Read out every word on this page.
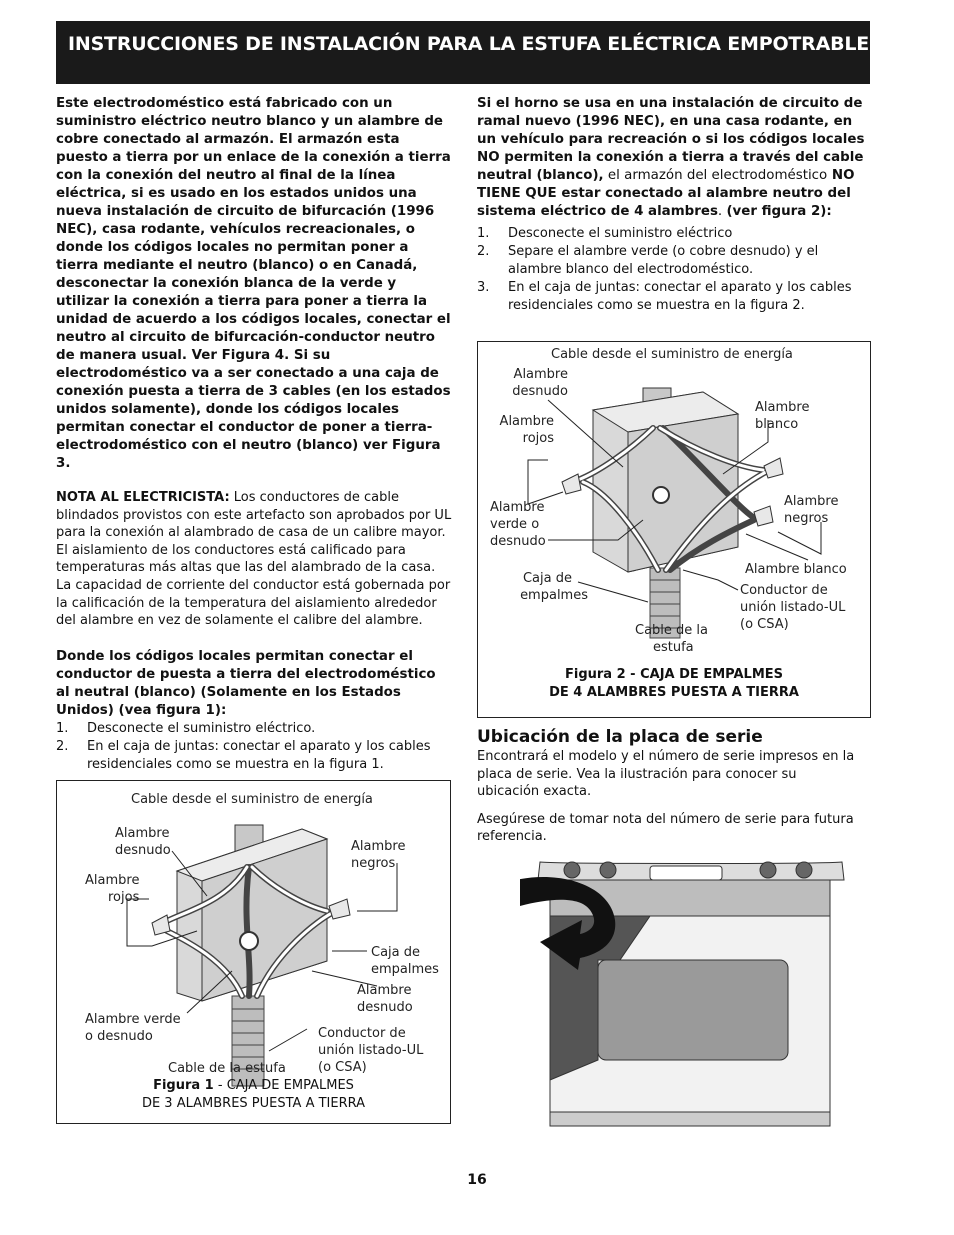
INSTRUCCIONES DE INSTALACIÓN PARA LA ESTUFA ELÉCTRICA EMPOTRABLE DE 30"

Este electrodoméstico está fabricado con un suministro eléctrico neutro blanco y un alambre de cobre conectado al armazón. El armazón esta puesto a tierra por un enlace de la conexión a tierra con la conexión del neutro al final de la línea eléctrica, si es usado en los estados unidos una nueva instalación de circuito de bifurcación (1996 NEC), casa rodante, vehículos recreacionales, o donde los códigos locales no permitan poner a tierra mediante el neutro (blanco) o en Canadá, desconectar la conexión blanca de la verde y utilizar la conexión a tierra para poner a tierra la unidad de acuerdo a los códigos locales, conectar el neutro al circuito de bifurcación-conductor neutro de manera usual. Ver Figura 4. Si su electrodoméstico va a ser conectado a una caja de conexión puesta a tierra de 3 cables (en los estados unidos solamente), donde los códigos locales permitan conectar el conductor de poner a tierra-electrodoméstico con el neutro (blanco) ver Figura 3.

NOTA AL ELECTRICISTA: Los conductores de cable blindados provistos con este artefacto son aprobados por UL para la conexión al alambrado de casa de un calibre mayor. El aislamiento de los conductores está calificado para temperaturas más altas que las del alambrado de la casa. La capacidad de corriente del conductor está gobernada por la calificación de la temperatura del aislamiento alrededor del alambre en vez de solamente el calibre del alambre.

Donde los códigos locales permitan conectar el conductor de puesta a tierra del electrodoméstico al neutral (blanco) (Solamente en los Estados Unidos) (vea figura 1):

1. Desconecte el suministro eléctrico.
2. En el caja de juntas: conectar el aparato y los cables residenciales como se muestra en la figura 1.
Cable desde el suministro de energía
Alambre
desnudo
Alambre
rojos
Alambre
negros
Caja de
empalmes
Alambre
desnudo
Alambre verde
o desnudo	Conductor de
unión listado-UL
(o CSA)
Cable de la estufa
Figura 1 - CAJA DE EMPALMES
DE 3 ALAMBRES PUESTA A TIERRA

Si el horno se usa en una instalación de circuito de ramal nuevo (1996 NEC), en una casa rodante, en un vehículo para recreación o si los códigos locales NO permiten la conexión a tierra a través del cable neutral (blanco), el armazón del electrodoméstico NO TIENE QUE estar conectado al alambre neutro del sistema eléctrico de 4 alambres. (ver figura 2):

1. Desconecte el suministro eléctrico
2. Separe el alambre verde (o cobre desnudo) y el alambre blanco del electrodoméstico.
3. En el caja de juntas: conectar el aparato y los cables residenciales como se muestra en la figura 2.
Cable desde el suministro de energía
Alambre
desnudo
Alambre
rojos
Alambre
blanco
Alambre
negros
Alambre
verde o
desnudo
Alambre blanco
Caja de
empalmes	Conductor de
unión listado-UL
(o CSA)
Cable de la
estufa
Figura 2 - CAJA DE EMPALMES
DE 4 ALAMBRES PUESTA A TIERRA
Ubicación de la placa de serie

Encontrará el modelo y el número de serie impresos en la placa de serie. Vea la ilustración para conocer su ubicación exacta.

Asegúrese de tomar nota del número de serie para futura referencia.

16
